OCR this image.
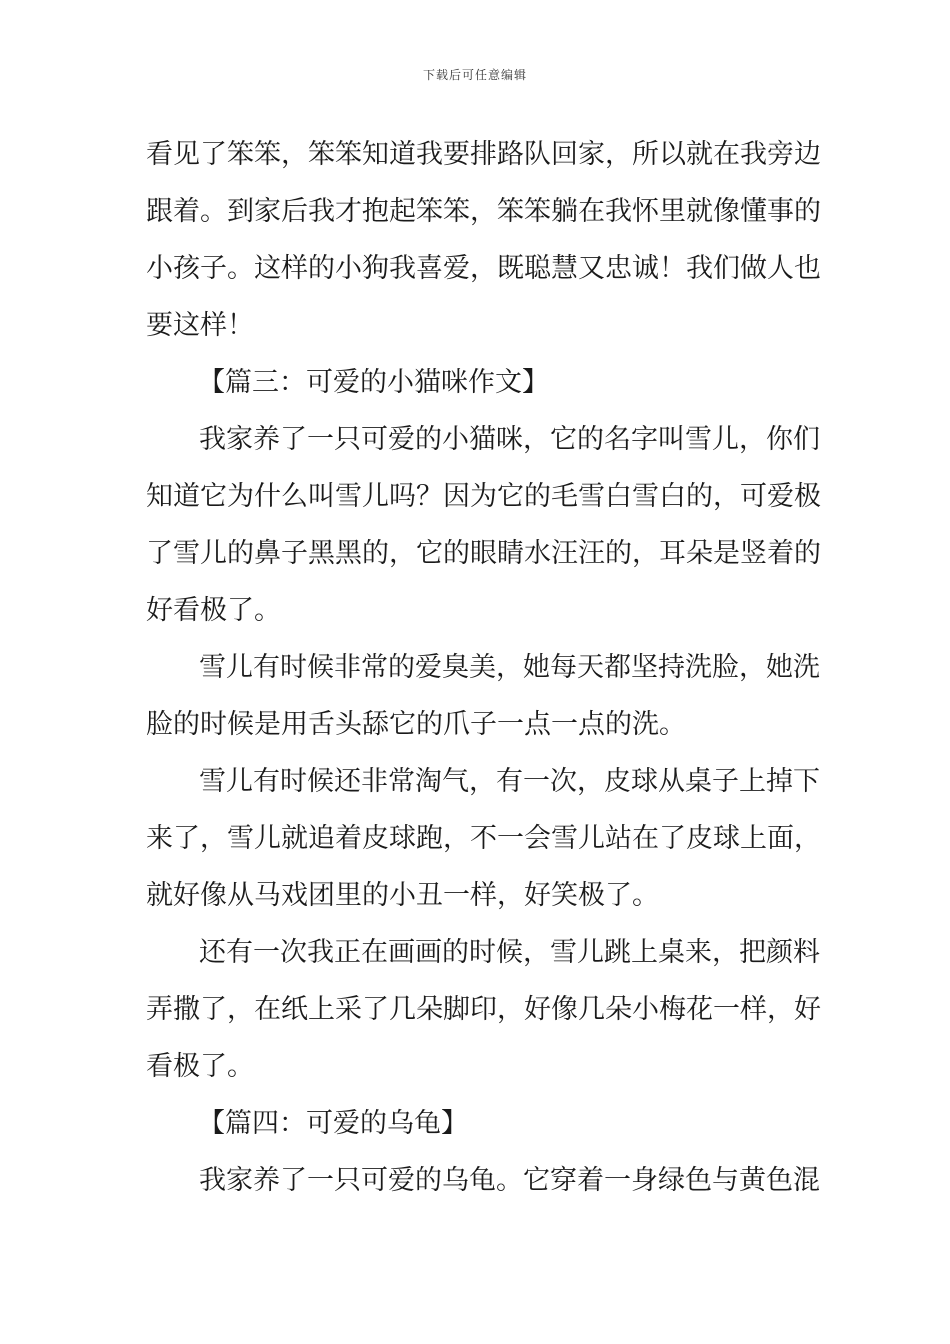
下载后可任意编辑
看见了笨笨，笨笨知道我要排路队回家，所以就在我旁边
跟着。到家后我才抱起笨笨，笨笨躺在我怀里就像懂事的
小孩子。这样的小狗我喜爱，既聪慧又忠诚！我们做人也
要这样！
【篇三：可爱的小猫咪作文】
我家养了一只可爱的小猫咪，它的名字叫雪儿，你们
知道它为什么叫雪儿吗？因为它的毛雪白雪白的，可爱极
了雪儿的鼻子黑黑的，它的眼睛水汪汪的，耳朵是竖着的
好看极了。
雪儿有时候非常的爱臭美，她每天都坚持洗脸，她洗
脸的时候是用舌头舔它的爪子一点一点的洗。
雪儿有时候还非常淘气，有一次，皮球从桌子上掉下
来了，雪儿就追着皮球跑，不一会雪儿站在了皮球上面，
就好像从马戏团里的小丑一样，好笑极了。
还有一次我正在画画的时候，雪儿跳上桌来，把颜料
弄撒了，在纸上采了几朵脚印，好像几朵小梅花一样，好
看极了。
【篇四：可爱的乌龟】
我家养了一只可爱的乌龟。它穿着一身绿色与黄色混
